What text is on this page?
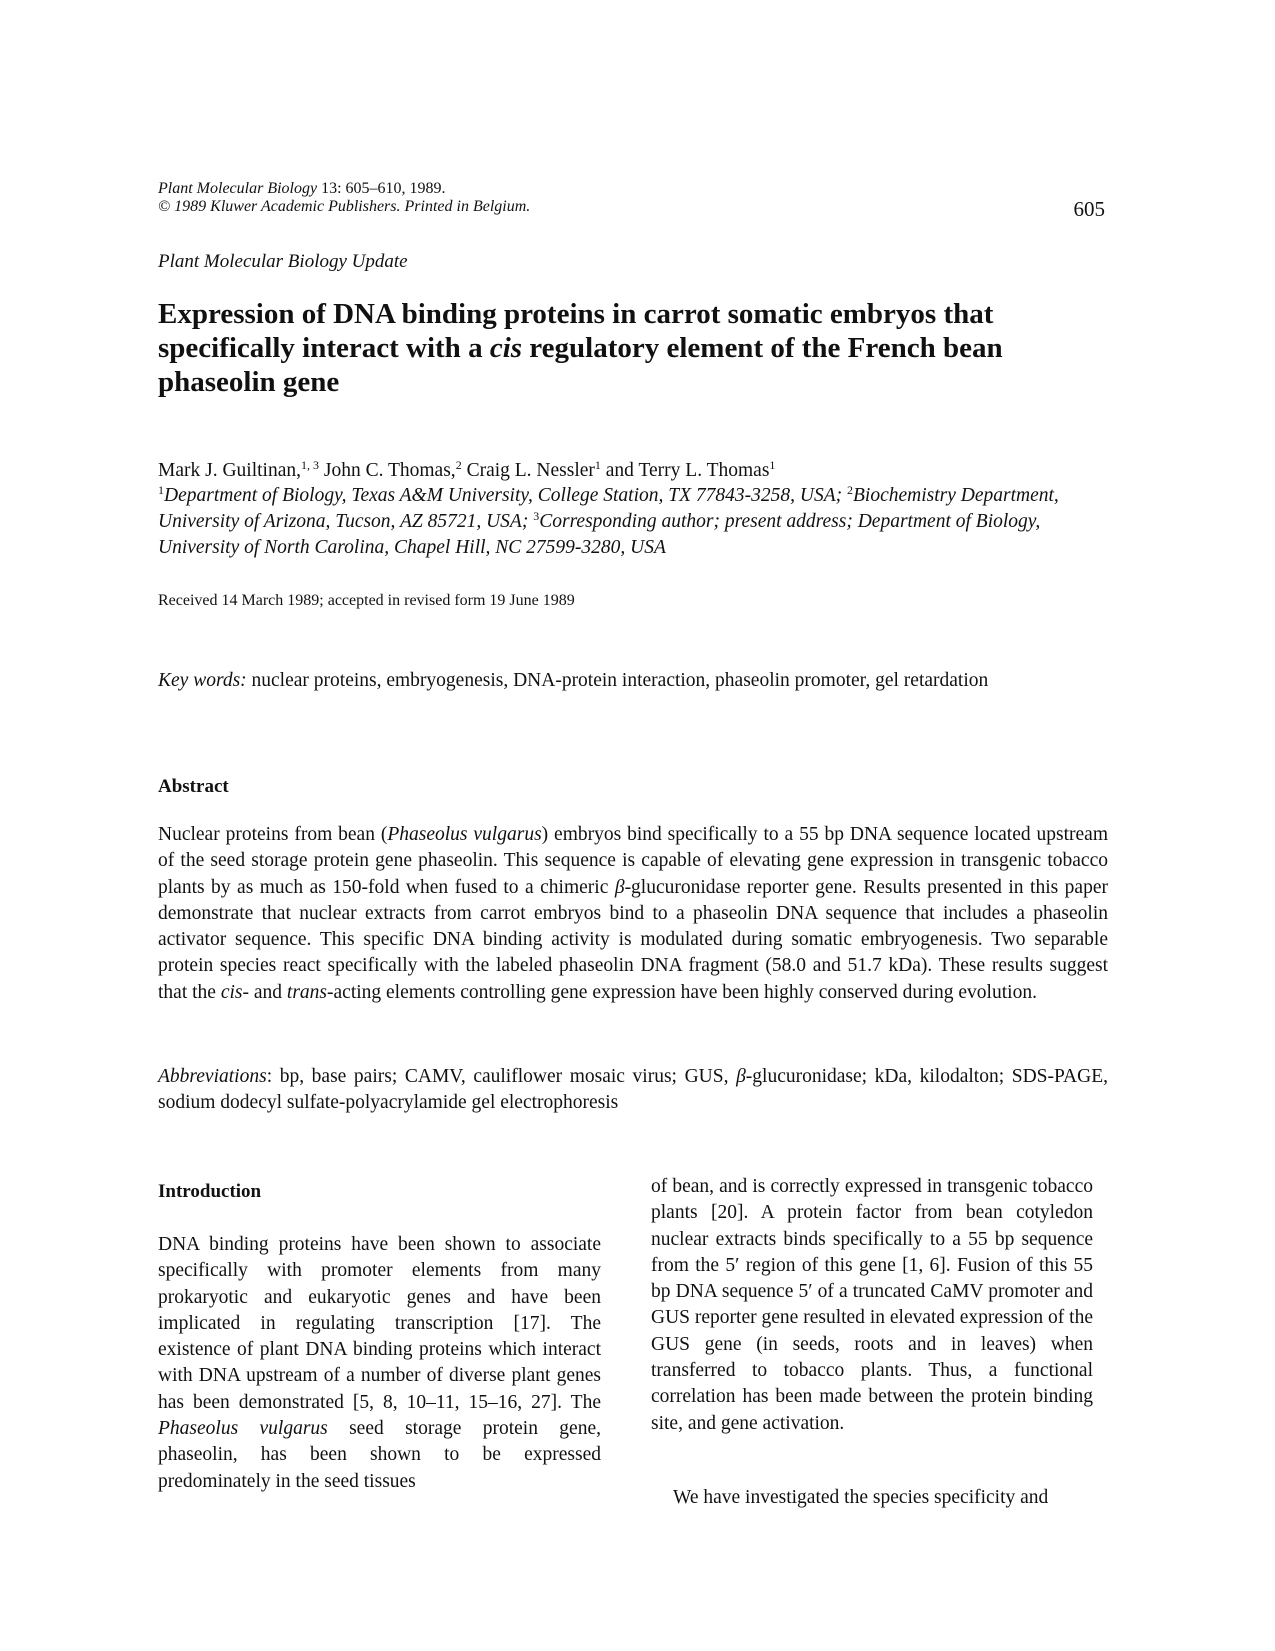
Plant Molecular Biology 13: 605–610, 1989.
© 1989 Kluwer Academic Publishers. Printed in Belgium.	605
Plant Molecular Biology Update
Expression of DNA binding proteins in carrot somatic embryos that specifically interact with a cis regulatory element of the French bean phaseolin gene
Mark J. Guiltinan,$^{1, 3}$ John C. Thomas,$^2$ Craig L. Nessler$^1$ and Terry L. Thomas$^1$
$^1$Department of Biology, Texas A&M University, College Station, TX 77843-3258, USA; $^2$Biochemistry Department, University of Arizona, Tucson, AZ 85721, USA; $^3$Corresponding author; present address; Department of Biology, University of North Carolina, Chapel Hill, NC 27599-3280, USA
Received 14 March 1989; accepted in revised form 19 June 1989
Key words: nuclear proteins, embryogenesis, DNA-protein interaction, phaseolin promoter, gel retardation
Abstract
Nuclear proteins from bean (Phaseolus vulgarus) embryos bind specifically to a 55 bp DNA sequence located upstream of the seed storage protein gene phaseolin. This sequence is capable of elevating gene expression in transgenic tobacco plants by as much as 150-fold when fused to a chimeric β-glucuronidase reporter gene. Results presented in this paper demonstrate that nuclear extracts from carrot embryos bind to a phaseolin DNA sequence that includes a phaseolin activator sequence. This specific DNA binding activity is modulated during somatic embryogenesis. Two separable protein species react specifically with the labeled phaseolin DNA fragment (58.0 and 51.7 kDa). These results suggest that the cis- and trans-acting elements controlling gene expression have been highly conserved during evolution.
Abbreviations: bp, base pairs; CAMV, cauliflower mosaic virus; GUS, β-glucuronidase; kDa, kilodalton; SDS-PAGE, sodium dodecyl sulfate-polyacrylamide gel electrophoresis
Introduction
DNA binding proteins have been shown to associate specifically with promoter elements from many prokaryotic and eukaryotic genes and have been implicated in regulating transcription [17]. The existence of plant DNA binding proteins which interact with DNA upstream of a number of diverse plant genes has been demonstrated [5, 8, 10–11, 15–16, 27]. The Phaseolus vulgarus seed storage protein gene, phaseolin, has been shown to be expressed predominately in the seed tissues
of bean, and is correctly expressed in transgenic tobacco plants [20]. A protein factor from bean cotyledon nuclear extracts binds specifically to a 55 bp sequence from the 5′ region of this gene [1, 6]. Fusion of this 55 bp DNA sequence 5′ of a truncated CaMV promoter and GUS reporter gene resulted in elevated expression of the GUS gene (in seeds, roots and in leaves) when transferred to tobacco plants. Thus, a functional correlation has been made between the protein binding site, and gene activation.
We have investigated the species specificity and
